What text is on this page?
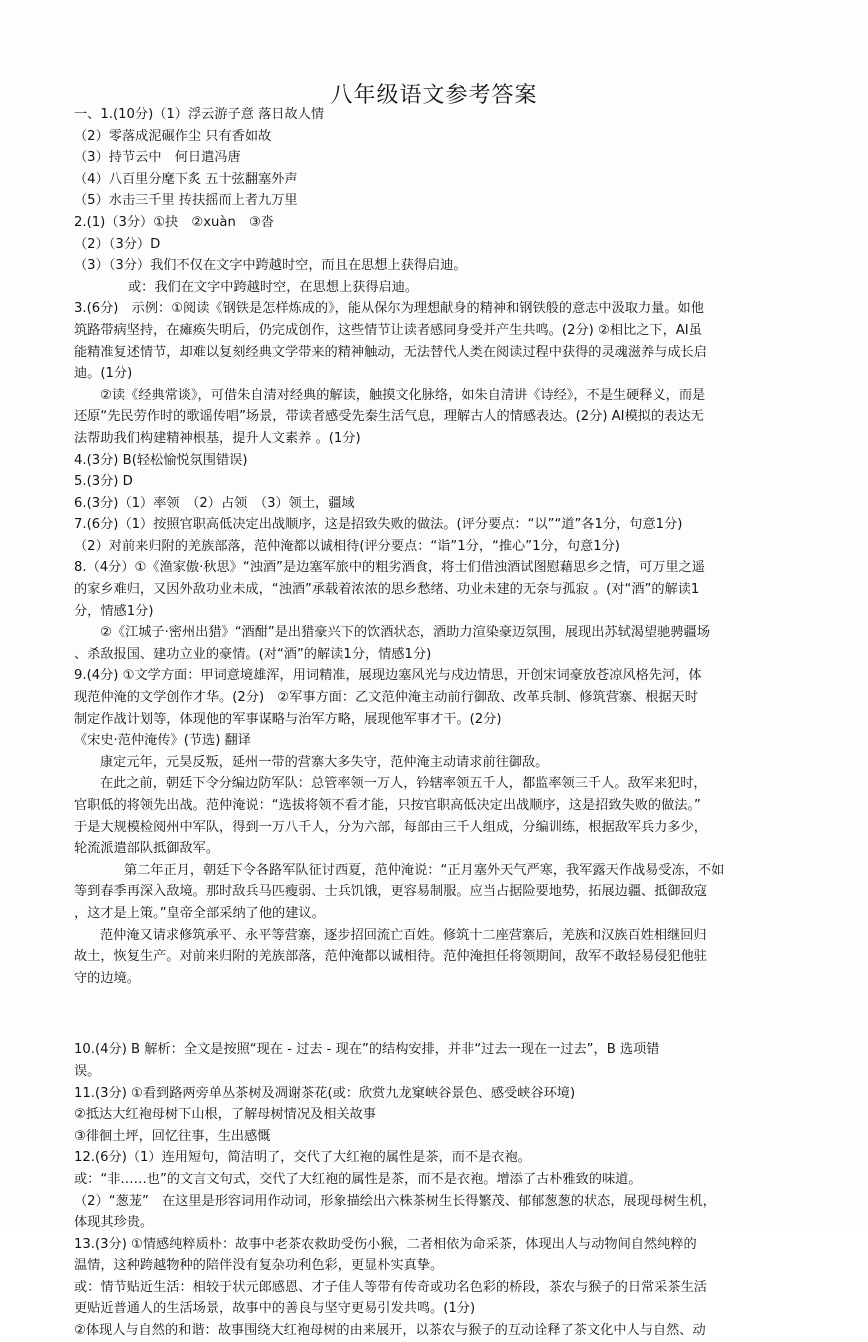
八年级语文参考答案
一、1.(10分)（1）浮云游子意 落日故人情
（2）零落成泥碾作尘 只有香如故
（3）持节云中　何日遣冯唐
（4）八百里分麾下炙 五十弦翻塞外声
（5）水击三千里 抟扶摇而上者九万里
2.(1)（3分）①抉　②xuàn　③沓
（2）（3分）D
（3）（3分）我们不仅在文字中跨越时空，而且在思想上获得启迪。
或：我们在文字中跨越时空，在思想上获得启迪。
3.(6分)　示例：①阅读《钢铁是怎样炼成的》，能从保尔为理想献身的精神和钢铁般的意志中汲取力量。如他
筑路带病坚持，在瘫痪失明后，仍完成创作，这些情节让读者感同身受并产生共鸣。(2分) ②相比之下，AI虽
能精准复述情节，却难以复刻经典文学带来的精神触动，无法替代人类在阅读过程中获得的灵魂滋养与成长启
迪。(1分)
②读《经典常谈》，可借朱自清对经典的解读，触摸文化脉络，如朱自清讲《诗经》，不是生硬释义，而是
还原“先民劳作时的歌谣传唱”场景，带读者感受先秦生活气息，理解古人的情感表达。(2分) AI模拟的表达无
法帮助我们构建精神根基，提升人文素养 。(1分)
4.(3分) B(轻松愉悦氛围错误)
5.(3分) D
6.(3分)（1）率领　（2）占领　（3）领土，疆域
7.(6分)（1）按照官职高低决定出战顺序，这是招致失败的做法。(评分要点：“以”“道”各1分，句意1分)
（2）对前来归附的羌族部落，范仲淹都以诚相待(评分要点：“诣”1分，“推心”1分，句意1分)
8.（4分）①《渔家傲·秋思》“浊酒”是边塞军旅中的粗劣酒食，将士们借浊酒试图慰藉思乡之情，可万里之遥
的家乡难归，又因外敌功业未成，“浊酒”承载着浓浓的思乡愁绪、功业未建的无奈与孤寂 。(对“酒”的解读1
分，情感1分)
②《江城子·密州出猎》“酒酣”是出猎豪兴下的饮酒状态，酒助力渲染豪迈氛围，展现出苏轼渴望驰骋疆场
、杀敌报国、建功立业的豪情。(对“酒”的解读1分，情感1分)
9.(4分) ①文学方面：甲词意境雄浑，用词精准，展现边塞风光与戍边情思，开创宋词豪放苍凉风格先河，体
现范仲淹的文学创作才华。(2分)　②军事方面：乙文范仲淹主动前行御敌、改革兵制、修筑营寨、根据天时
制定作战计划等，体现他的军事谋略与治军方略，展现他军事才干。(2分)
《宋史·范仲淹传》(节选) 翻译
康定元年，元昊反叛，延州一带的营寨大多失守，范仲淹主动请求前往御敌。
在此之前，朝廷下令分编边防军队：总管率领一万人，钤辖率领五千人，都监率领三千人。敌军来犯时，
官职低的将领先出战。范仲淹说：“选拔将领不看才能，只按官职高低决定出战顺序，这是招致失败的做法。”
于是大规模检阅州中军队，得到一万八千人，分为六部，每部由三千人组成，分编训练，根据敌军兵力多少，
轮流派遣部队抵御敌军。
第二年正月，朝廷下令各路军队征讨西夏，范仲淹说：“正月塞外天气严寒，我军露天作战易受冻，不如
等到春季再深入敌境。那时敌兵马匹瘦弱、士兵饥饿，更容易制服。应当占据险要地势，拓展边疆、抵御敌寇
，这才是上策。”皇帝全部采纳了他的建议。
范仲淹又请求修筑承平、永平等营寨，逐步招回流亡百姓。修筑十二座营寨后，羌族和汉族百姓相继回归
故土，恢复生产。对前来归附的羌族部落，范仲淹都以诚相待。范仲淹担任将领期间，敌军不敢轻易侵犯他驻
守的边境。
10.(4分) B 解析：全文是按照“现在 - 过去 - 现在”的结构安排，并非“过去一现在一过去”，B 选项错
误。
11.(3分) ①看到路两旁单丛茶树及凋谢茶花(或：欣赏九龙窠峡谷景色、感受峡谷环境)
②抵达大红袍母树下山根，了解母树情况及相关故事
③徘徊土坪，回忆往事，生出感慨
12.(6分)（1）连用短句，简洁明了，交代了大红袍的属性是茶，而不是衣袍。
或：“非……也”的文言文句式，交代了大红袍的属性是茶，而不是衣袍。增添了古朴雅致的味道。
（2）“葱茏”　在这里是形容词用作动词，形象描绘出六株茶树生长得繁茂、郁郁葱葱的状态，展现母树生机，
体现其珍贵。
13.(3分) ①情感纯粹质朴：故事中老茶农救助受伤小猴，二者相依为命采茶，体现出人与动物间自然纯粹的
温情，这种跨越物种的陪伴没有复杂功利色彩，更显朴实真挚。
或：情节贴近生活：相较于状元郎感恩、才子佳人等带有传奇或功名色彩的桥段，茶农与猴子的日常采茶生活
更贴近普通人的生活场景，故事中的善良与坚守更易引发共鸣。(1分)
②体现人与自然的和谐：故事围绕大红袍母树的由来展开，以茶农与猴子的互动诠释了茶文化中人与自然、动
